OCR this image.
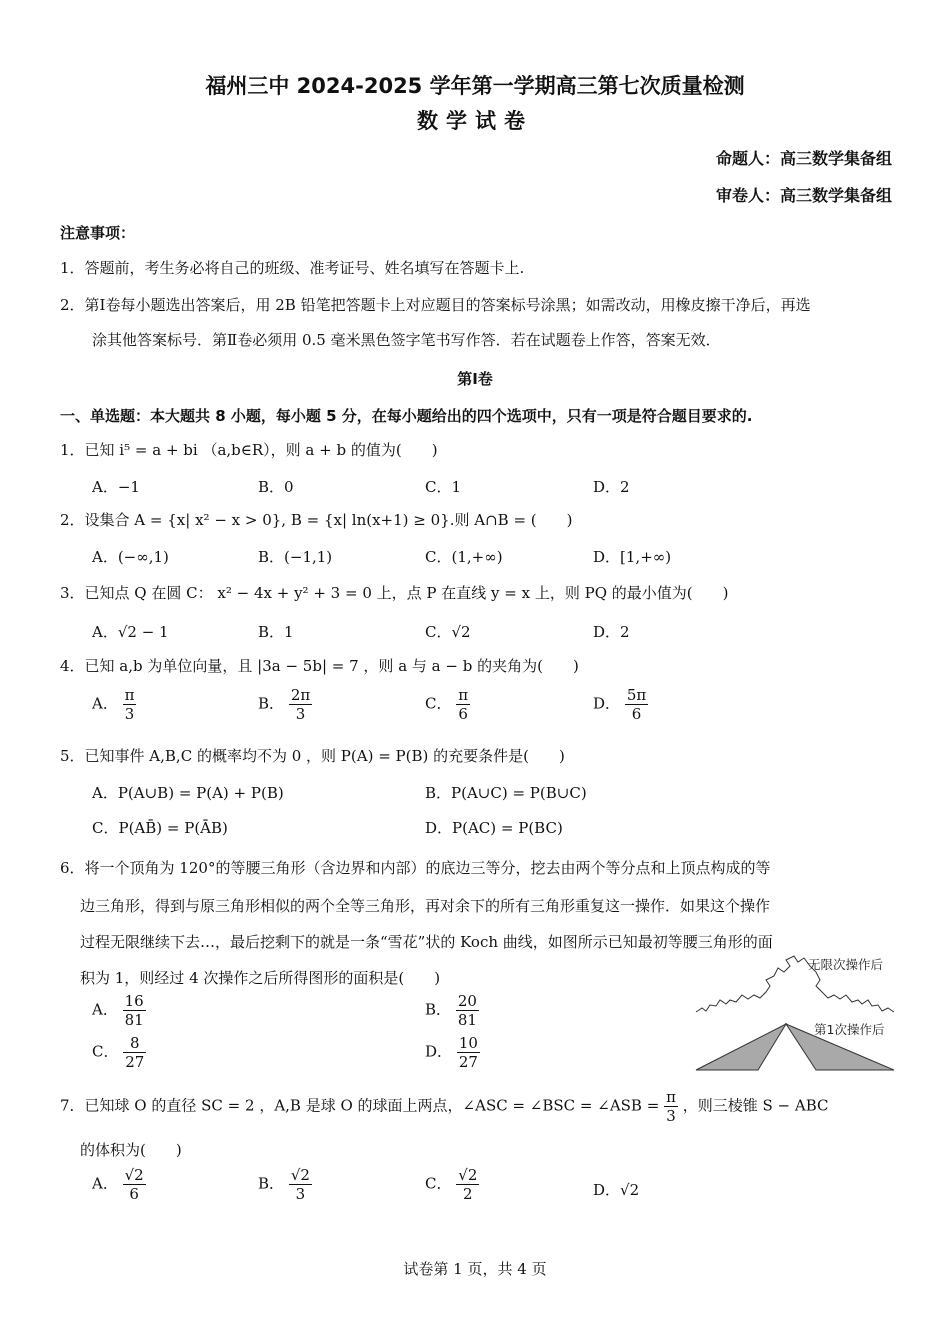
福州三中 2024-2025 学年第一学期高三第七次质量检测
数学试卷
命题人：高三数学集备组
审卷人：高三数学集备组
注意事项：
1．答题前，考生务必将自己的班级、准考证号、姓名填写在答题卡上.
2．第Ⅰ卷每小题选出答案后，用 2B 铅笔把答题卡上对应题目的答案标号涂黑；如需改动，用橡皮擦干净后，再选
涂其他答案标号．第Ⅱ卷必须用 0.5 毫米黑色签字笔书写作答．若在试题卷上作答，答案无效．
第Ⅰ卷
一、单选题：本大题共 8 小题，每小题 5 分，在每小题给出的四个选项中，只有一项是符合题目要求的.
1．已知 i⁵ = a + bi （a,b∈R），则 a + b 的值为(　　)
A．−1	B．0	C．1	D．2
2．设集合 A = {x| x² − x > 0}, B = {x| ln(x+1) ≥ 0}.则 A∩B = (　　)
A．(−∞,1)	B．(−1,1)	C．(1,+∞)	D．[1,+∞)
3．已知点 Q 在圆 C： x² − 4x + y² + 3 = 0 上，点 P 在直线 y = x 上，则 PQ 的最小值为(　　)
A．√2 − 1	B．1	C．√2	D．2
4．已知 a,b 为单位向量，且 |3a − 5b| = 7 ，则 a 与 a − b 的夹角为(　　)
A． $\frac{\pi}{3}$	B． $\frac{2\pi}{3}$	C． $\frac{\pi}{6}$	D． $\frac{5\pi}{6}$
5．已知事件 A,B,C 的概率均不为 0 ，则 P(A) = P(B) 的充要条件是(　　)
A．P(A∪B) = P(A) + P(B)	B．P(A∪C) = P(B∪C)
C．P(AB̄) = P(ĀB)	D．P(AC) = P(BC)
6．将一个顶角为 120°的等腰三角形（含边界和内部）的底边三等分，挖去由两个等分点和上顶点构成的等
边三角形，得到与原三角形相似的两个全等三角形，再对余下的所有三角形重复这一操作．如果这个操作
过程无限继续下去…，最后挖剩下的就是一条“雪花”状的 Koch 曲线，如图所示已知最初等腰三角形的面
积为 1，则经过 4 次操作之后所得图形的面积是(　　)
A． $\frac{16}{81}$	B． $\frac{20}{81}$
C． $\frac{8}{27}$	D． $\frac{10}{27}$
无限次操作后
第1次操作后
7．已知球 O 的直径 SC = 2 ，A,B 是球 O 的球面上两点，∠ASC = ∠BSC = ∠ASB = $\frac{\pi}{3}$ ，则三棱锥 S − ABC
的体积为(　　)
A． $\frac{√2}{6}$	B． $\frac{√2}{3}$	C． $\frac{√2}{2}$	D．√2
试卷第 1 页，共 4 页
